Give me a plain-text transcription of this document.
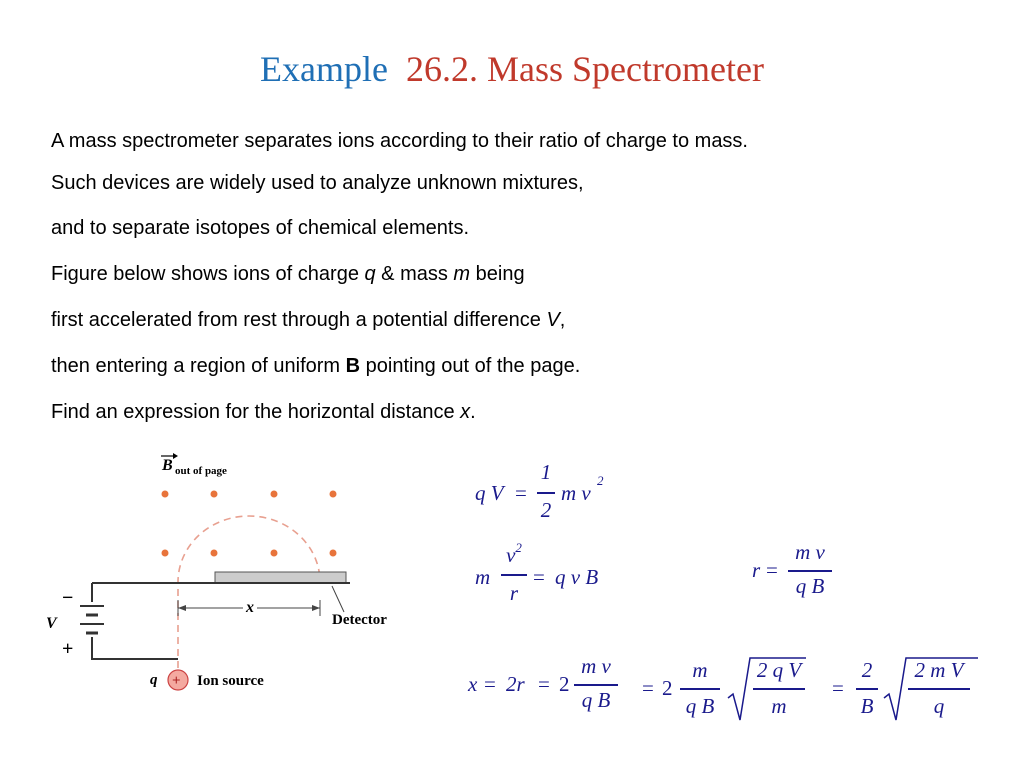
Example 26.2. Mass Spectrometer
A mass spectrometer separates ions according to their ratio of charge to mass.
Such devices are widely used to analyze unknown mixtures,
and to separate isotopes of chemical elements.
Figure below shows ions of charge q & mass m being
first accelerated from rest through a potential difference V,
then entering a region of uniform B pointing out of the page.
Find an expression for the horizontal distance x.
B out of page
−
V
+
x
Detector
q + Ion source
q V =
1
2
m v
2
m
$v^2$
r
= q v B	r =
m v
q B
x = 2r = 2
m v
q B	= 2
m
q B
2 q V
m
=
2
B
2 m V
q
